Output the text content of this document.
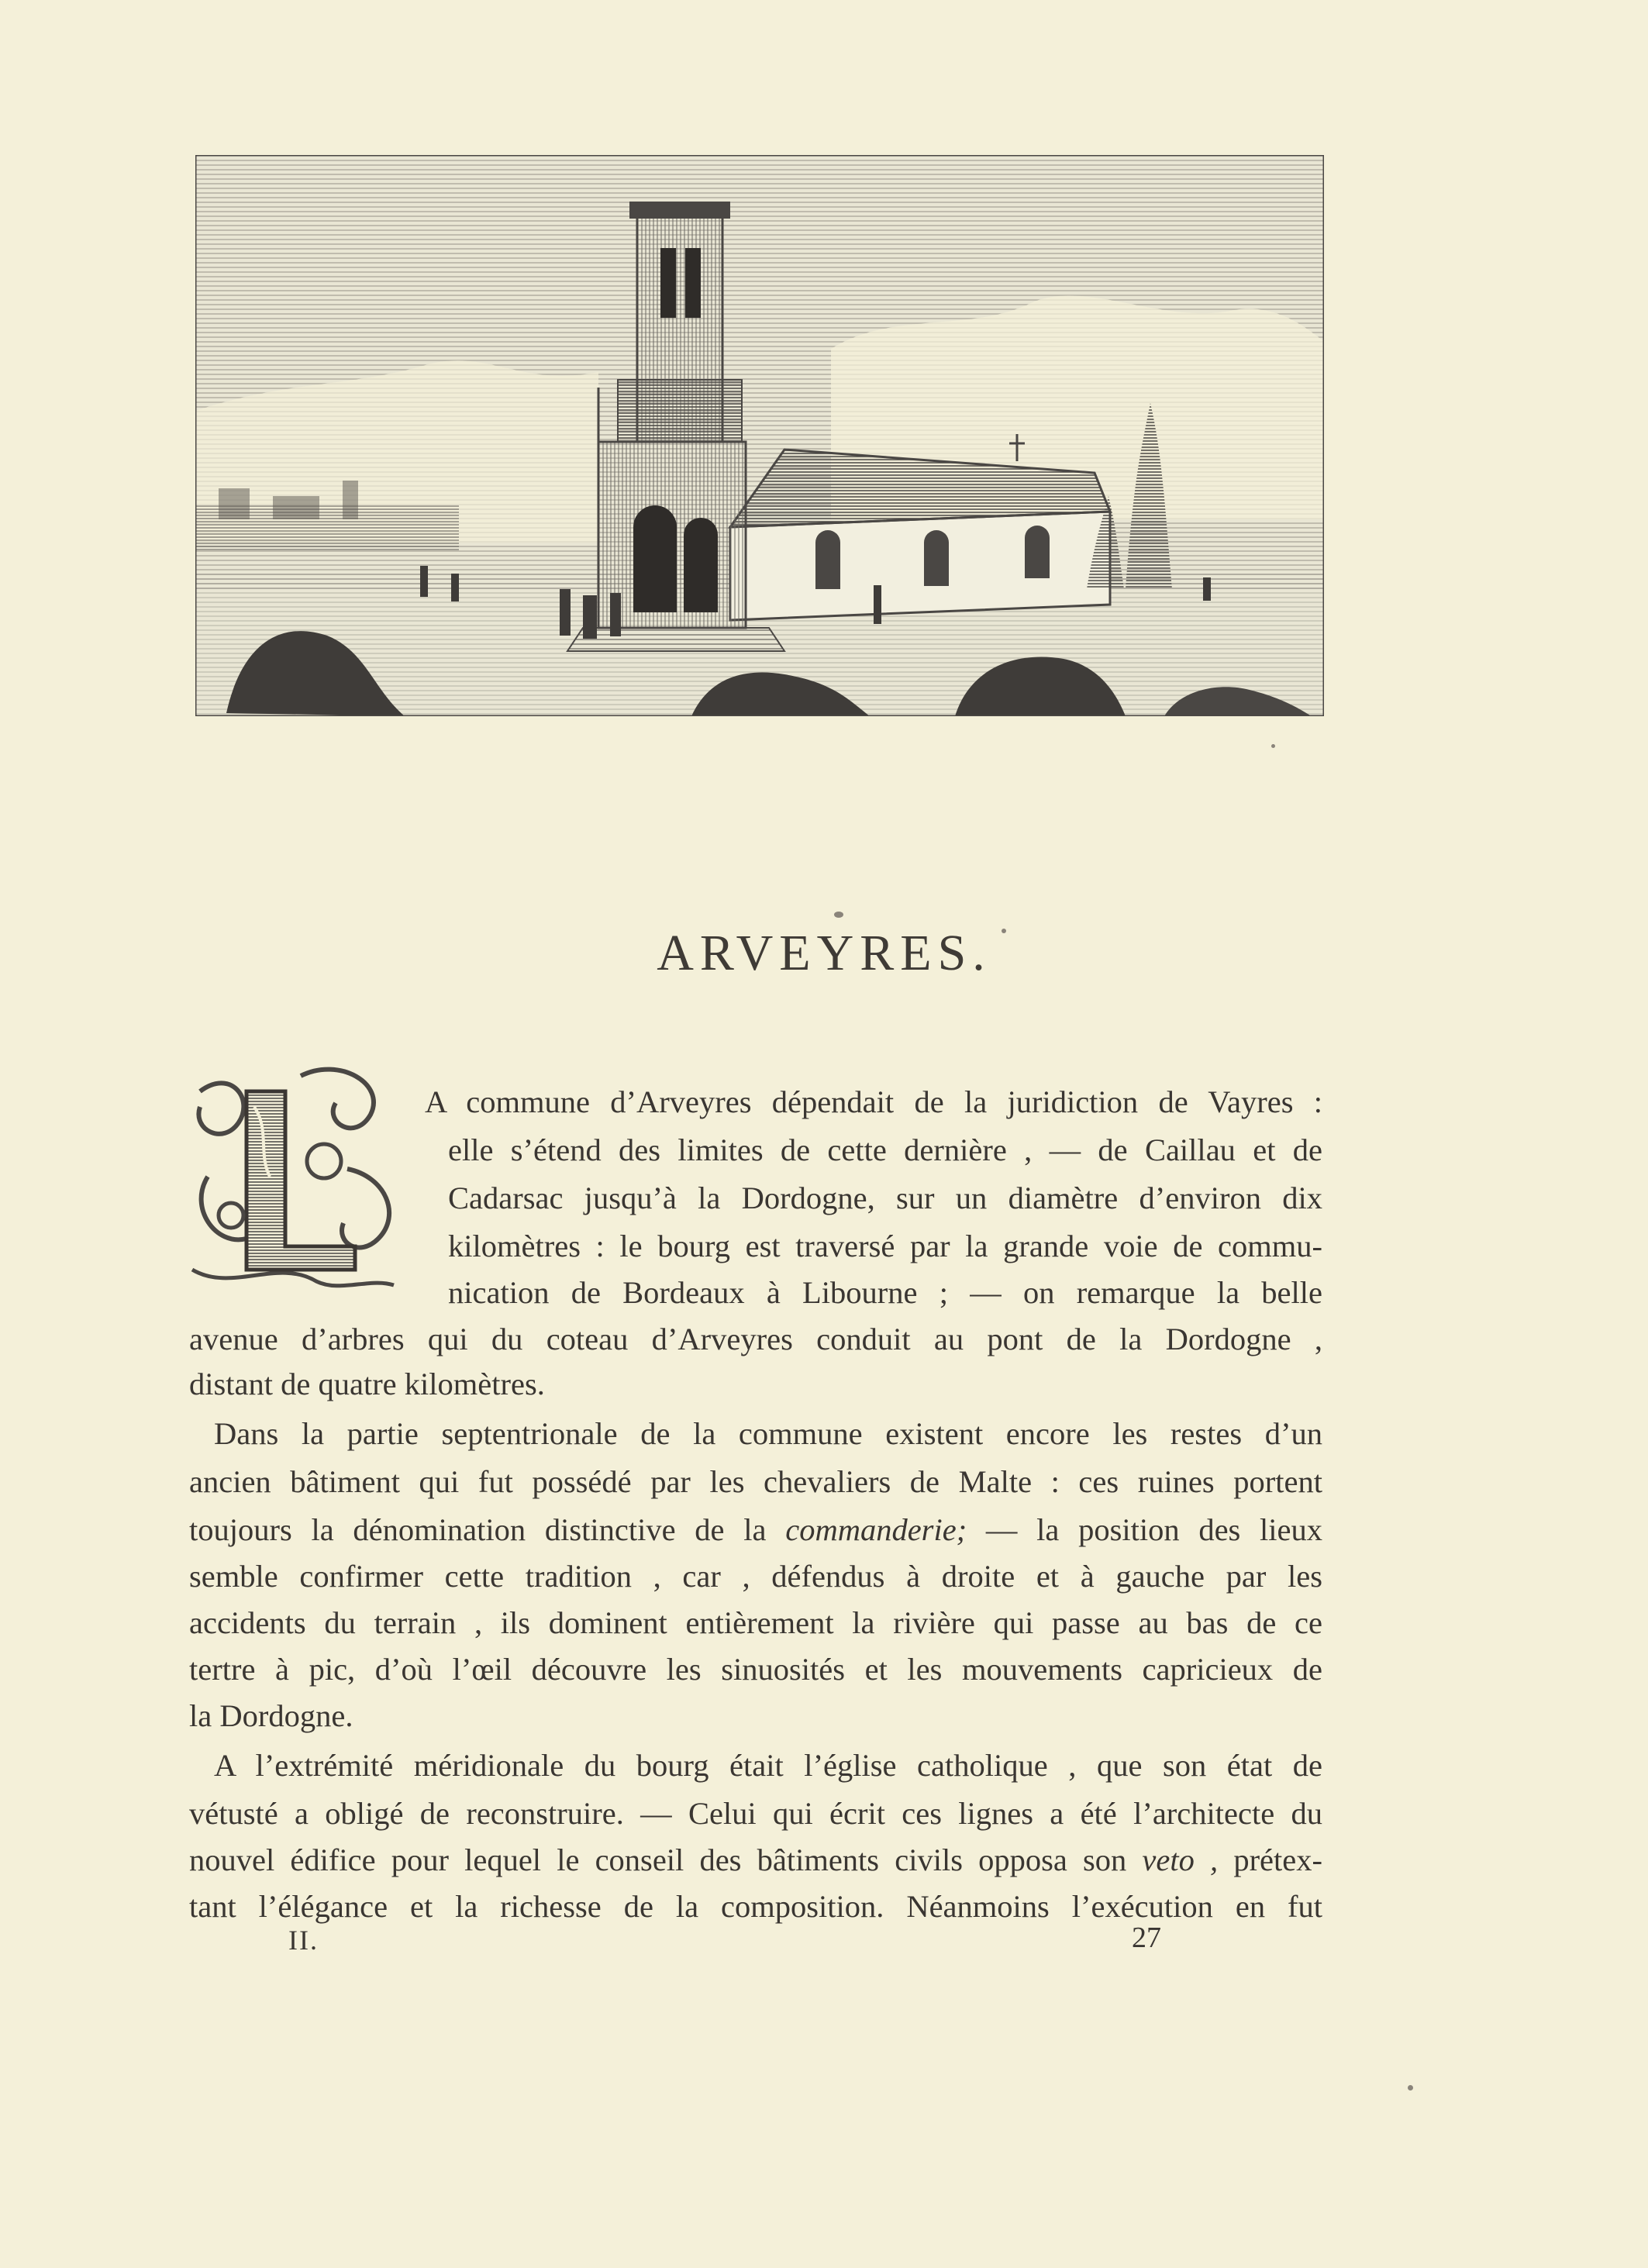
ARVEYRES.
A commune d’Arveyres dépendait de la juridiction de Vayres :
elle s’étend des limites de cette dernière , — de Caillau et de
Cadarsac jusqu’à la Dordogne, sur un diamètre d’environ dix
kilomètres : le bourg est traversé par la grande voie de commu-
nication de Bordeaux à Libourne ; — on remarque la belle
avenue d’arbres qui du coteau d’Arveyres conduit au pont de la Dordogne ,
distant de quatre kilomètres.
Dans la partie septentrionale de la commune existent encore les restes d’un
ancien bâtiment qui fut possédé par les chevaliers de Malte : ces ruines portent
toujours la dénomination distinctive de la commanderie; — la position des lieux
semble confirmer cette tradition , car , défendus à droite et à gauche par les
accidents du terrain , ils dominent entièrement la rivière qui passe au bas de ce
tertre à pic, d’où l’œil découvre les sinuosités et les mouvements capricieux de
la Dordogne.
A l’extrémité méridionale du bourg était l’église catholique , que son état de
vétusté a obligé de reconstruire. — Celui qui écrit ces lignes a été l’architecte du
nouvel édifice pour lequel le conseil des bâtiments civils opposa son veto , prétex-
tant l’élégance et la richesse de la composition. Néanmoins l’exécution en fut
II.	27
